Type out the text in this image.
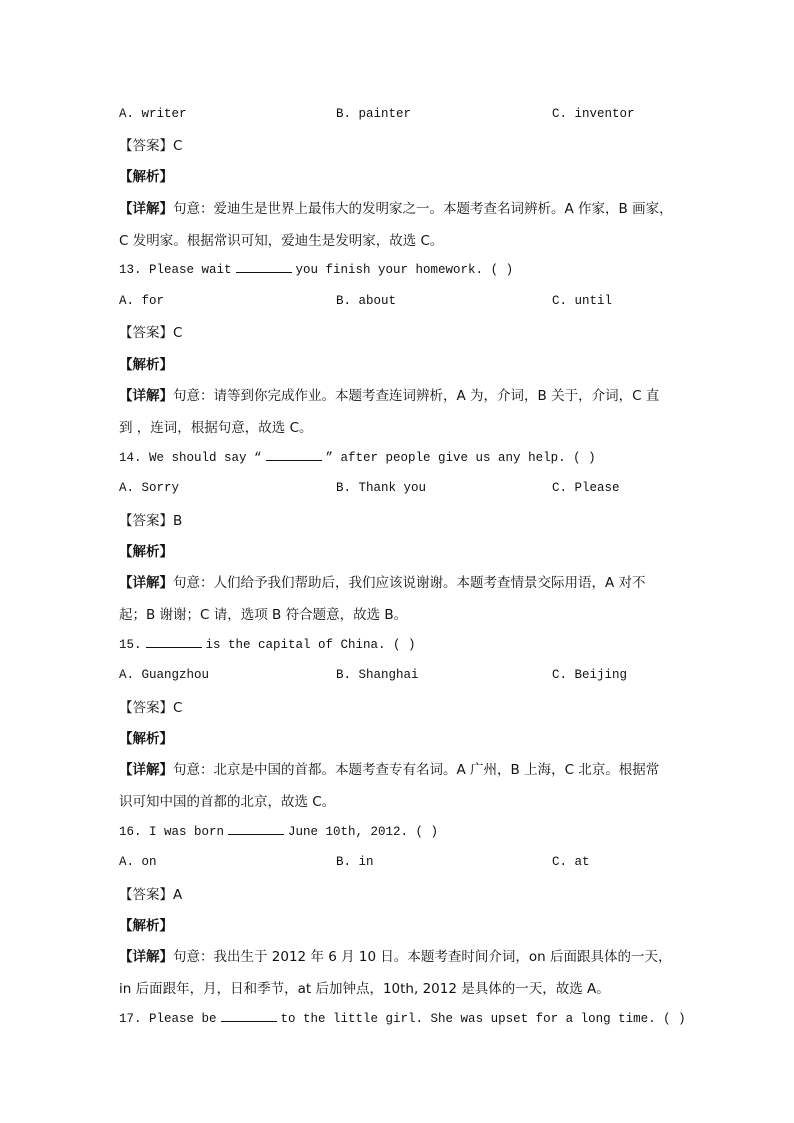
A. writer	B. painter	C. inventor
【答案】C
【解析】
【详解】句意：爱迪生是世界上最伟大的发明家之一。本题考查名词辨析。A 作家，B 画家，
C 发明家。根据常识可知，爱迪生是发明家，故选 C。
13. Please wait	you finish your homework. ( )
A. for	B. about	C. until
【答案】C
【解析】
【详解】句意：请等到你完成作业。本题考查连词辨析，A 为，介词，B 关于，介词，C 直
到 ，连词，根据句意，故选 C。
14. We should say “	” after people give us any help. ( )
A. Sorry	B. Thank you	C. Please
【答案】B
【解析】
【详解】句意：人们给予我们帮助后，我们应该说谢谢。本题考查情景交际用语，A 对不
起；B 谢谢；C 请，选项 B 符合题意，故选 B。
15.	is the capital of China. ( )
A. Guangzhou	B. Shanghai	C. Beijing
【答案】C
【解析】
【详解】句意：北京是中国的首都。本题考查专有名词。A 广州，B 上海，C 北京。根据常
识可知中国的首都的北京，故选 C。
16. I was born	June 10th, 2012. ( )
A. on	B. in	C. at
【答案】A
【解析】
【详解】句意：我出生于 2012 年 6 月 10 日。本题考查时间介词，on 后面跟具体的一天，
in 后面跟年，月，日和季节，at 后加钟点，10th, 2012 是具体的一天，故选 A。
17. Please be	to the little girl. She was upset for a long time. ( )
